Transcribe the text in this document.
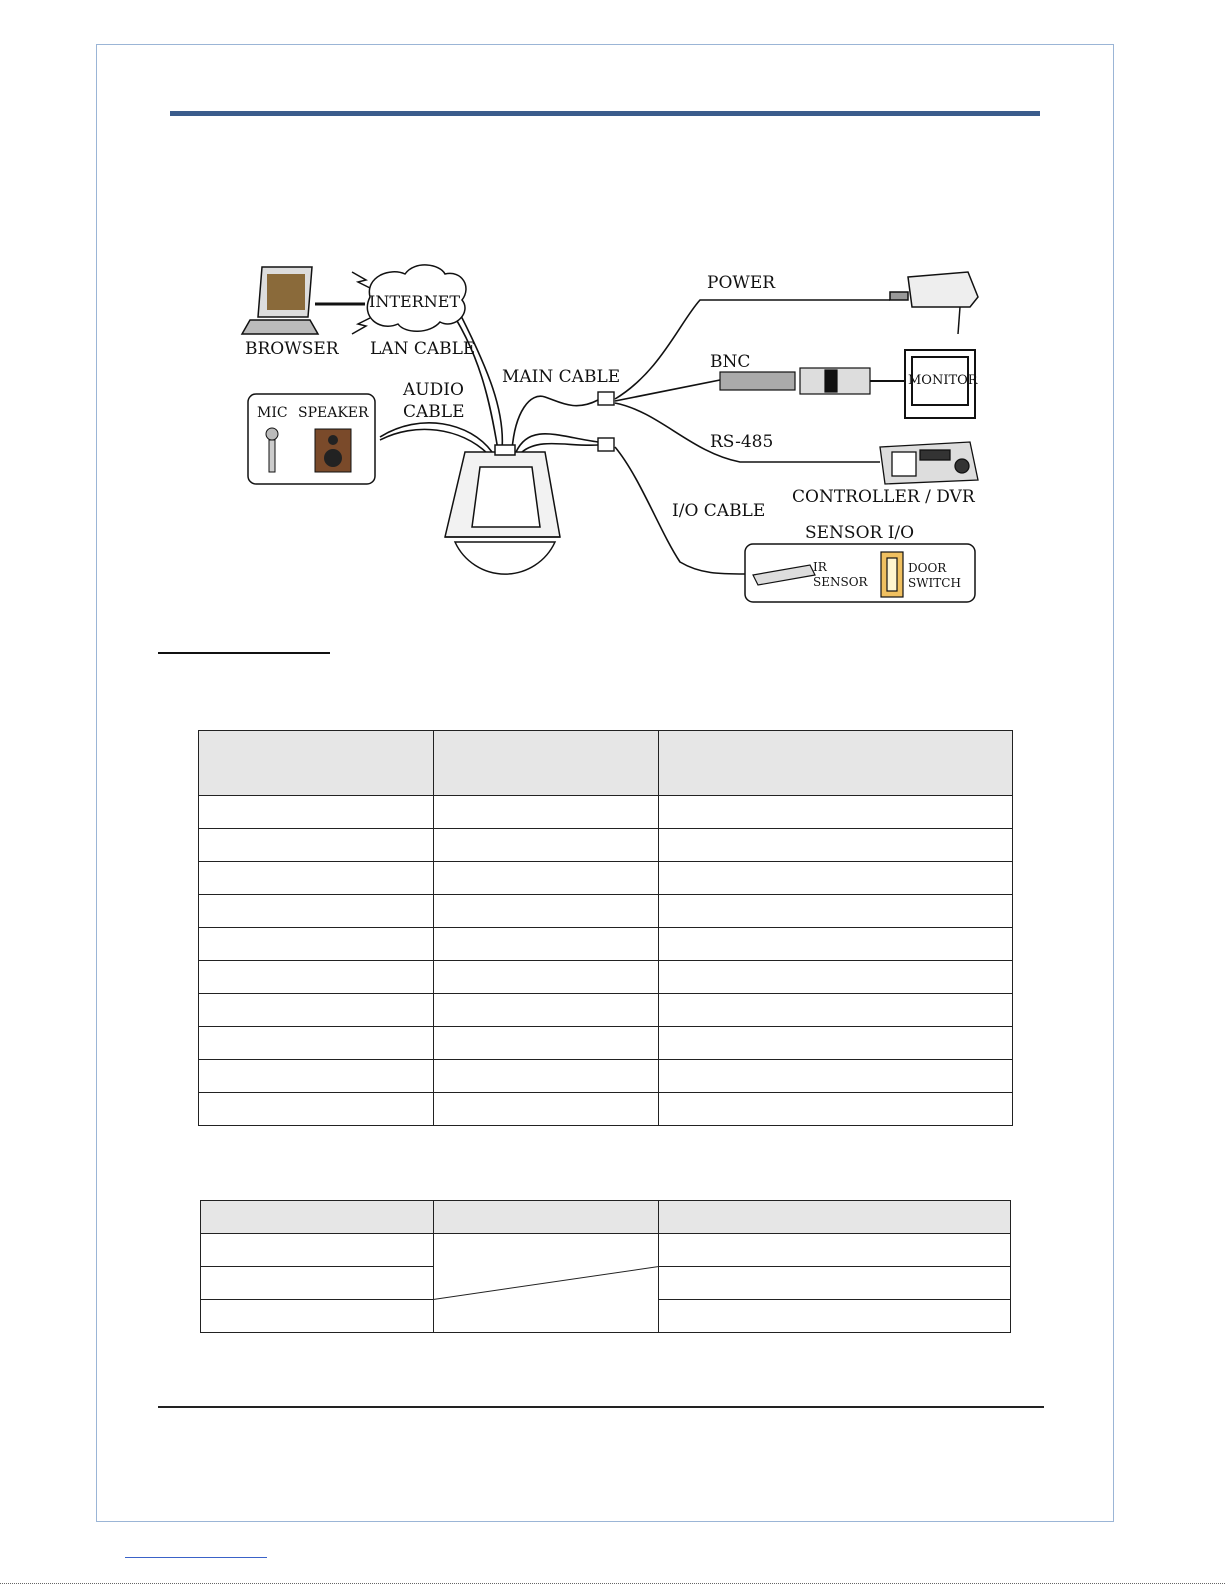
INTERNET
BROWSER LAN CABLE
MIC SPEAKER
AUDIO
CABLE
MAIN CABLE
POWER
BNC
MONITOR
RS-485
CONTROLLER / DVR
I/O CABLE
SENSOR I/O
IR
SENSOR
DOOR
SWITCH
